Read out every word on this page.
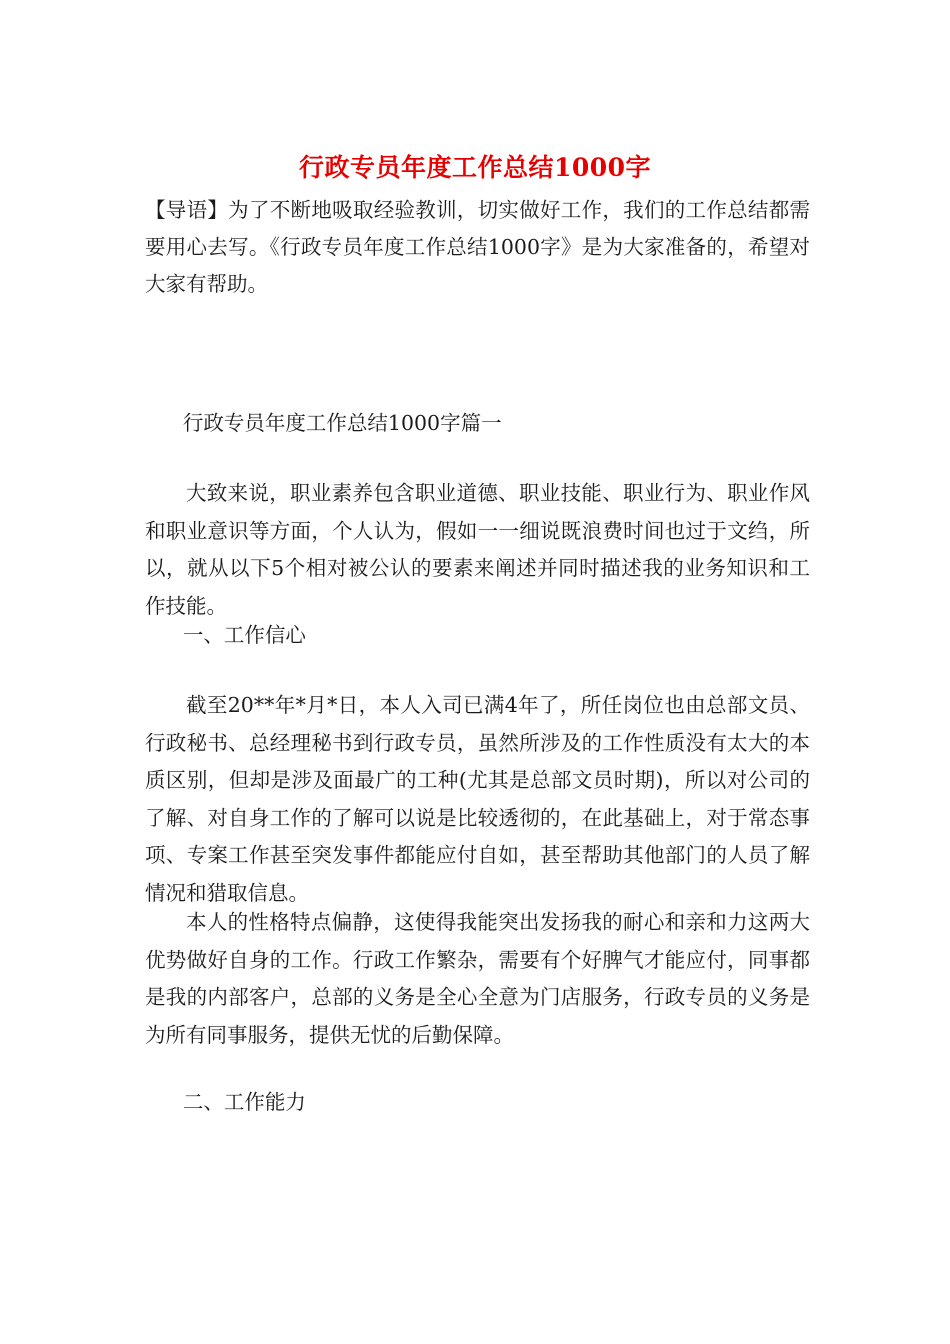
行政专员年度工作总结1000字

【导语】为了不断地吸取经验教训，切实做好工作，我们的工作总结都需要用心去写。《行政专员年度工作总结1000字》是为大家准备的，希望对大家有帮助。

行政专员年度工作总结1000字篇一

大致来说，职业素养包含职业道德、职业技能、职业行为、职业作风和职业意识等方面，个人认为，假如一一细说既浪费时间也过于文绉，所以，就从以下5个相对被公认的要素来阐述并同时描述我的业务知识和工作技能。

一、工作信心

截至20**年*月*日，本人入司已满4年了，所任岗位也由总部文员、行政秘书、总经理秘书到行政专员，虽然所涉及的工作性质没有太大的本质区别，但却是涉及面最广的工种(尤其是总部文员时期)，所以对公司的了解、对自身工作的了解可以说是比较透彻的，在此基础上，对于常态事项、专案工作甚至突发事件都能应付自如，甚至帮助其他部门的人员了解情况和猎取信息。

本人的性格特点偏静，这使得我能突出发扬我的耐心和亲和力这两大优势做好自身的工作。行政工作繁杂，需要有个好脾气才能应付，同事都是我的内部客户，总部的义务是全心全意为门店服务，行政专员的义务是为所有同事服务，提供无忧的后勤保障。

二、工作能力
